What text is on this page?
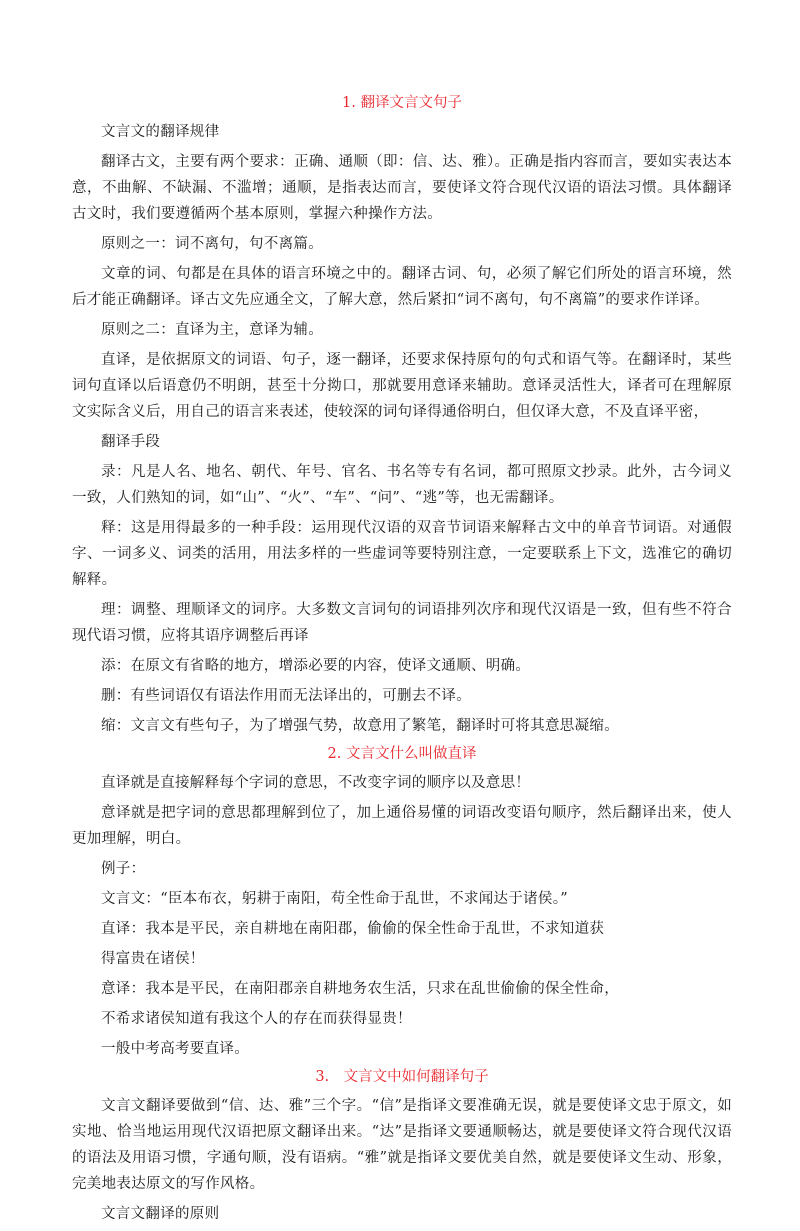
1. 翻译文言文句子

文言文的翻译规律

翻译古文，主要有两个要求：正确、通顺（即：信、达、雅）。正确是指内容而言，要如实表达本意，不曲解、不缺漏、不滥增；通顺，是指表达而言，要使译文符合现代汉语的语法习惯。具体翻译古文时，我们要遵循两个基本原则，掌握六种操作方法。

原则之一：词不离句，句不离篇。

文章的词、句都是在具体的语言环境之中的。翻译古词、句，必须了解它们所处的语言环境，然后才能正确翻译。译古文先应通全文，了解大意，然后紧扣“词不离句，句不离篇”的要求作详译。

原则之二：直译为主，意译为辅。

直译，是依据原文的词语、句子，逐一翻译，还要求保持原句的句式和语气等。在翻译时，某些词句直译以后语意仍不明朗，甚至十分拗口，那就要用意译来辅助。意译灵活性大，译者可在理解原文实际含义后，用自己的语言来表述，使较深的词句译得通俗明白，但仅译大意，不及直译平密，

翻译手段

录：凡是人名、地名、朝代、年号、官名、书名等专有名词，都可照原文抄录。此外，古今词义一致，人们熟知的词，如“山”、“火”、“车”、“问”、“逃”等，也无需翻译。

释：这是用得最多的一种手段：运用现代汉语的双音节词语来解释古文中的单音节词语。对通假字、一词多义、词类的活用，用法多样的一些虚词等要特别注意，一定要联系上下文，选准它的确切解释。

理：调整、理顺译文的词序。大多数文言词句的词语排列次序和现代汉语是一致，但有些不符合现代语习惯，应将其语序调整后再译

添：在原文有省略的地方，增添必要的内容，使译文通顺、明确。

删：有些词语仅有语法作用而无法译出的，可删去不译。

缩：文言文有些句子，为了增强气势，故意用了繁笔，翻译时可将其意思凝缩。

2. 文言文什么叫做直译

直译就是直接解释每个字词的意思，不改变字词的顺序以及意思！

意译就是把字词的意思都理解到位了，加上通俗易懂的词语改变语句顺序，然后翻译出来，使人更加理解，明白。

例子：

文言文：“臣本布衣，躬耕于南阳，苟全性命于乱世，不求闻达于诸侯。”

直译：我本是平民，亲自耕地在南阳郡，偷偷的保全性命于乱世，不求知道获

得富贵在诸侯！

意译：我本是平民，在南阳郡亲自耕地务农生活，只求在乱世偷偷的保全性命，

不希求诸侯知道有我这个人的存在而获得显贵！

一般中考高考要直译。

3.　文言文中如何翻译句子

文言文翻译要做到“信、达、雅”三个字。“信”是指译文要准确无误，就是要使译文忠于原文，如实地、恰当地运用现代汉语把原文翻译出来。“达”是指译文要通顺畅达，就是要使译文符合现代汉语的语法及用语习惯，字通句顺，没有语病。“雅”就是指译文要优美自然，就是要使译文生动、形象，完美地表达原文的写作风格。

文言文翻译的原则
